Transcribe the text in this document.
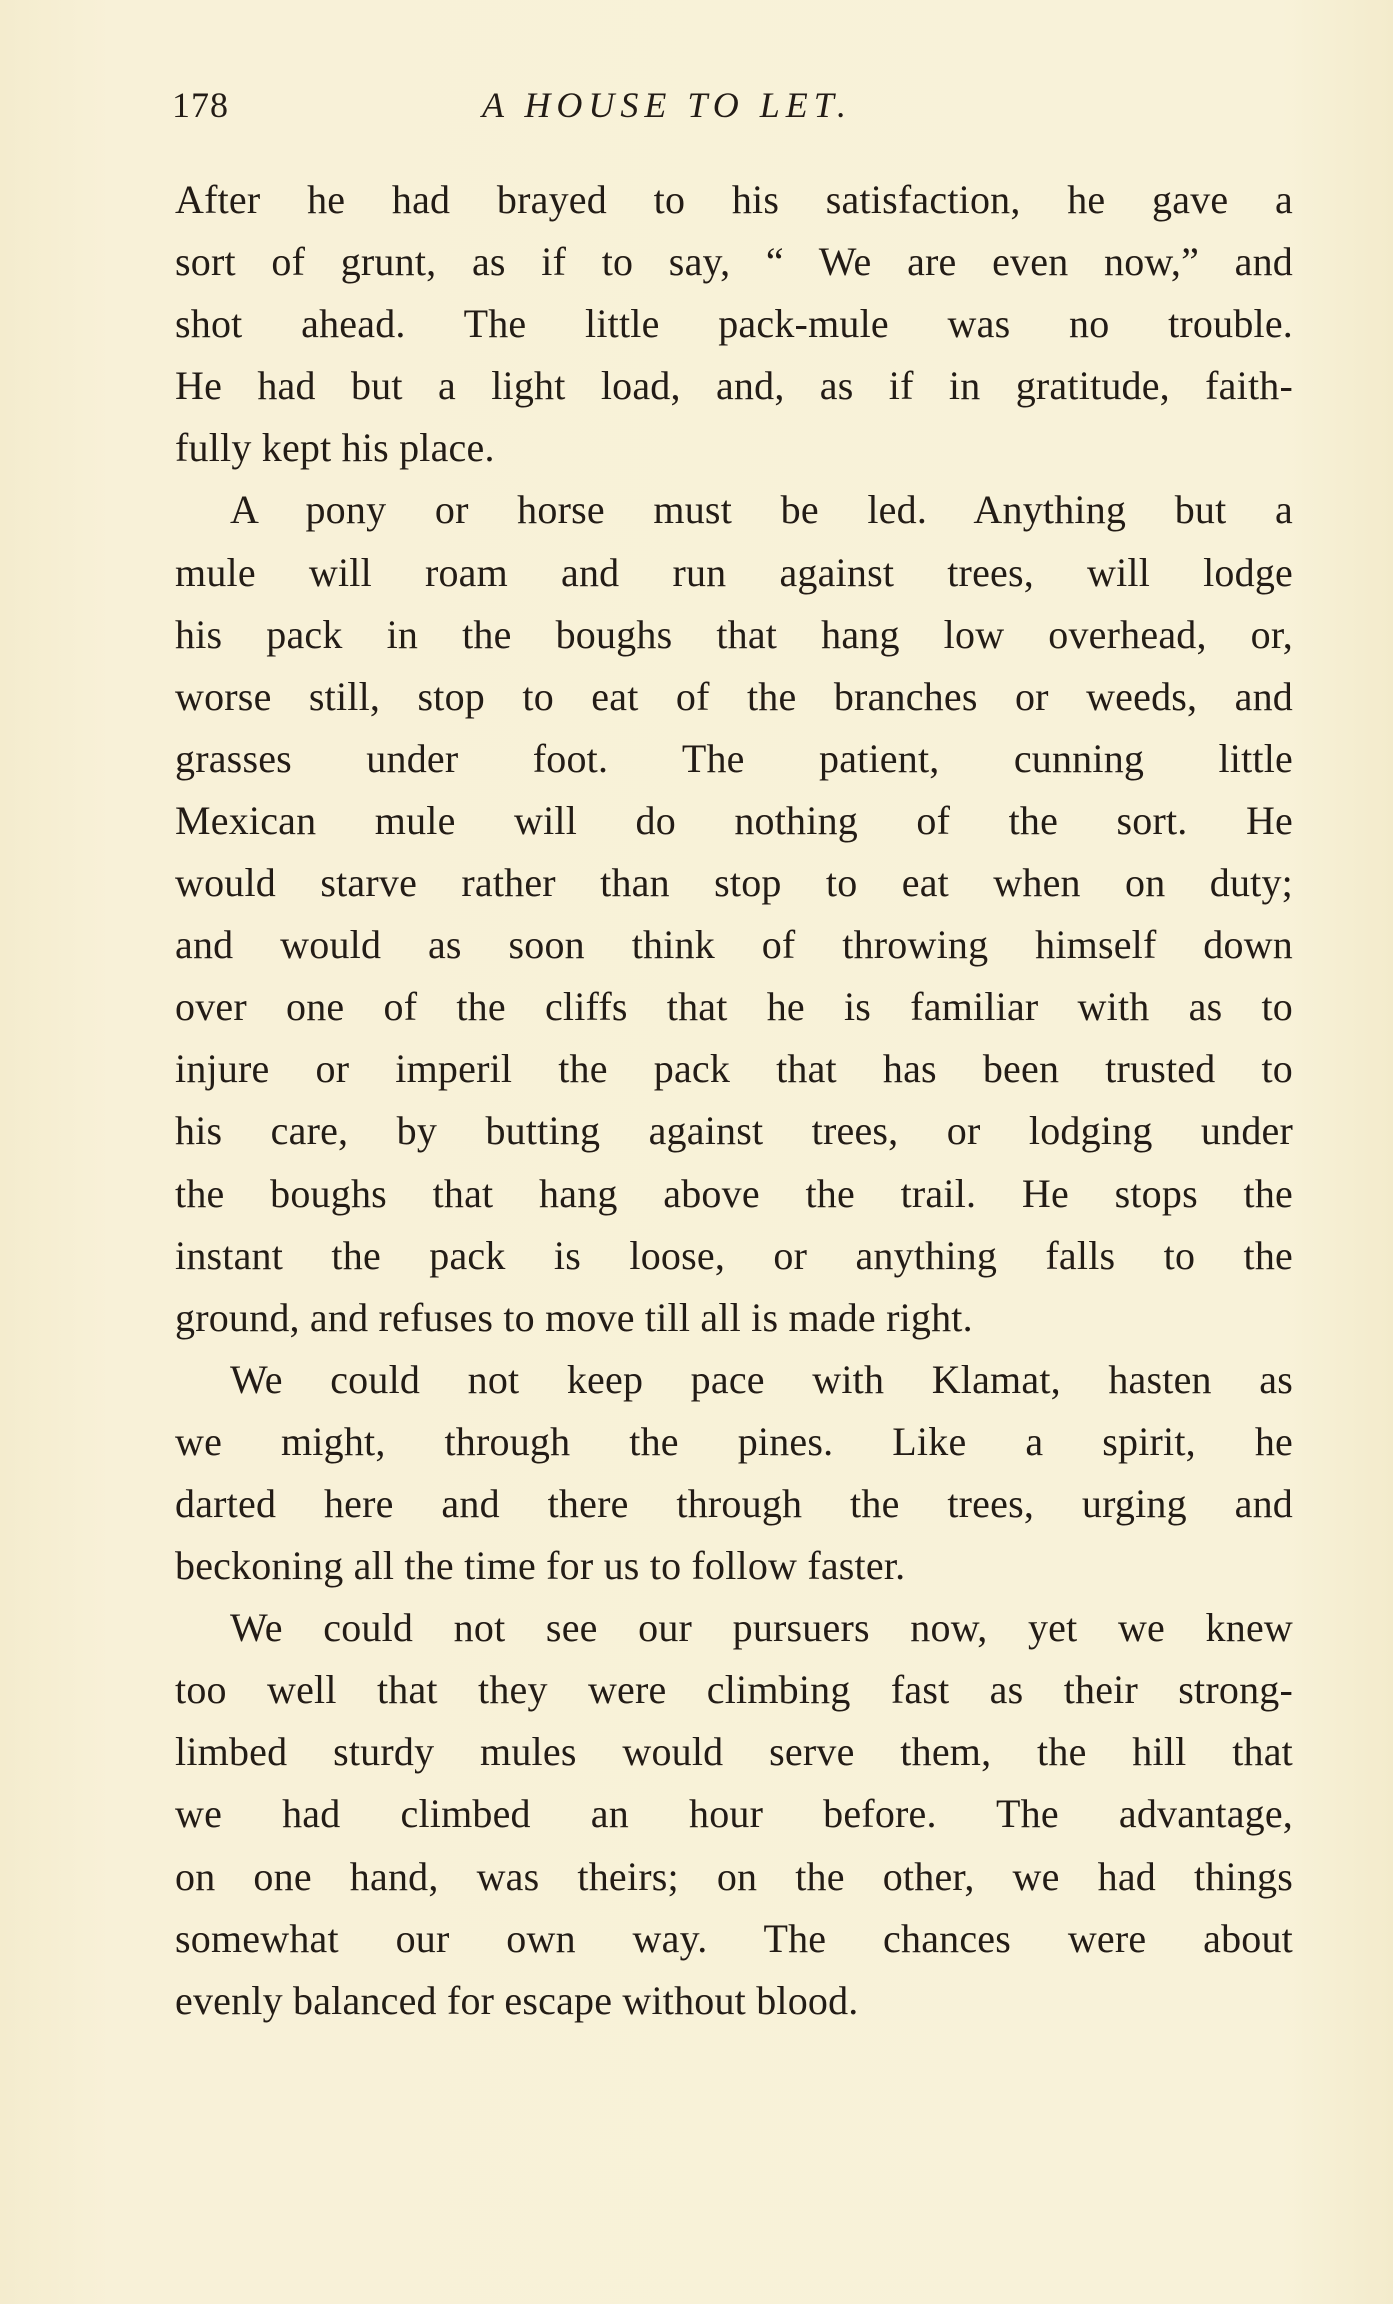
178	A HOUSE TO LET.
After he had brayed to his satisfaction, he gave a
sort of grunt, as if to say, “ We are even now,” and
shot ahead. The little pack-mule was no trouble.
He had but a light load, and, as if in gratitude, faith-
fully kept his place.
A pony or horse must be led. Anything but a
mule will roam and run against trees, will lodge
his pack in the boughs that hang low overhead, or,
worse still, stop to eat of the branches or weeds, and
grasses under foot. The patient, cunning little
Mexican mule will do nothing of the sort. He
would starve rather than stop to eat when on duty;
and would as soon think of throwing himself down
over one of the cliffs that he is familiar with as to
injure or imperil the pack that has been trusted to
his care, by butting against trees, or lodging under
the boughs that hang above the trail. He stops the
instant the pack is loose, or anything falls to the
ground, and refuses to move till all is made right.
We could not keep pace with Klamat, hasten as
we might, through the pines. Like a spirit, he
darted here and there through the trees, urging and
beckoning all the time for us to follow faster.
We could not see our pursuers now, yet we knew
too well that they were climbing fast as their strong-
limbed sturdy mules would serve them, the hill that
we had climbed an hour before. The advantage,
on one hand, was theirs; on the other, we had things
somewhat our own way. The chances were about
evenly balanced for escape without blood.
